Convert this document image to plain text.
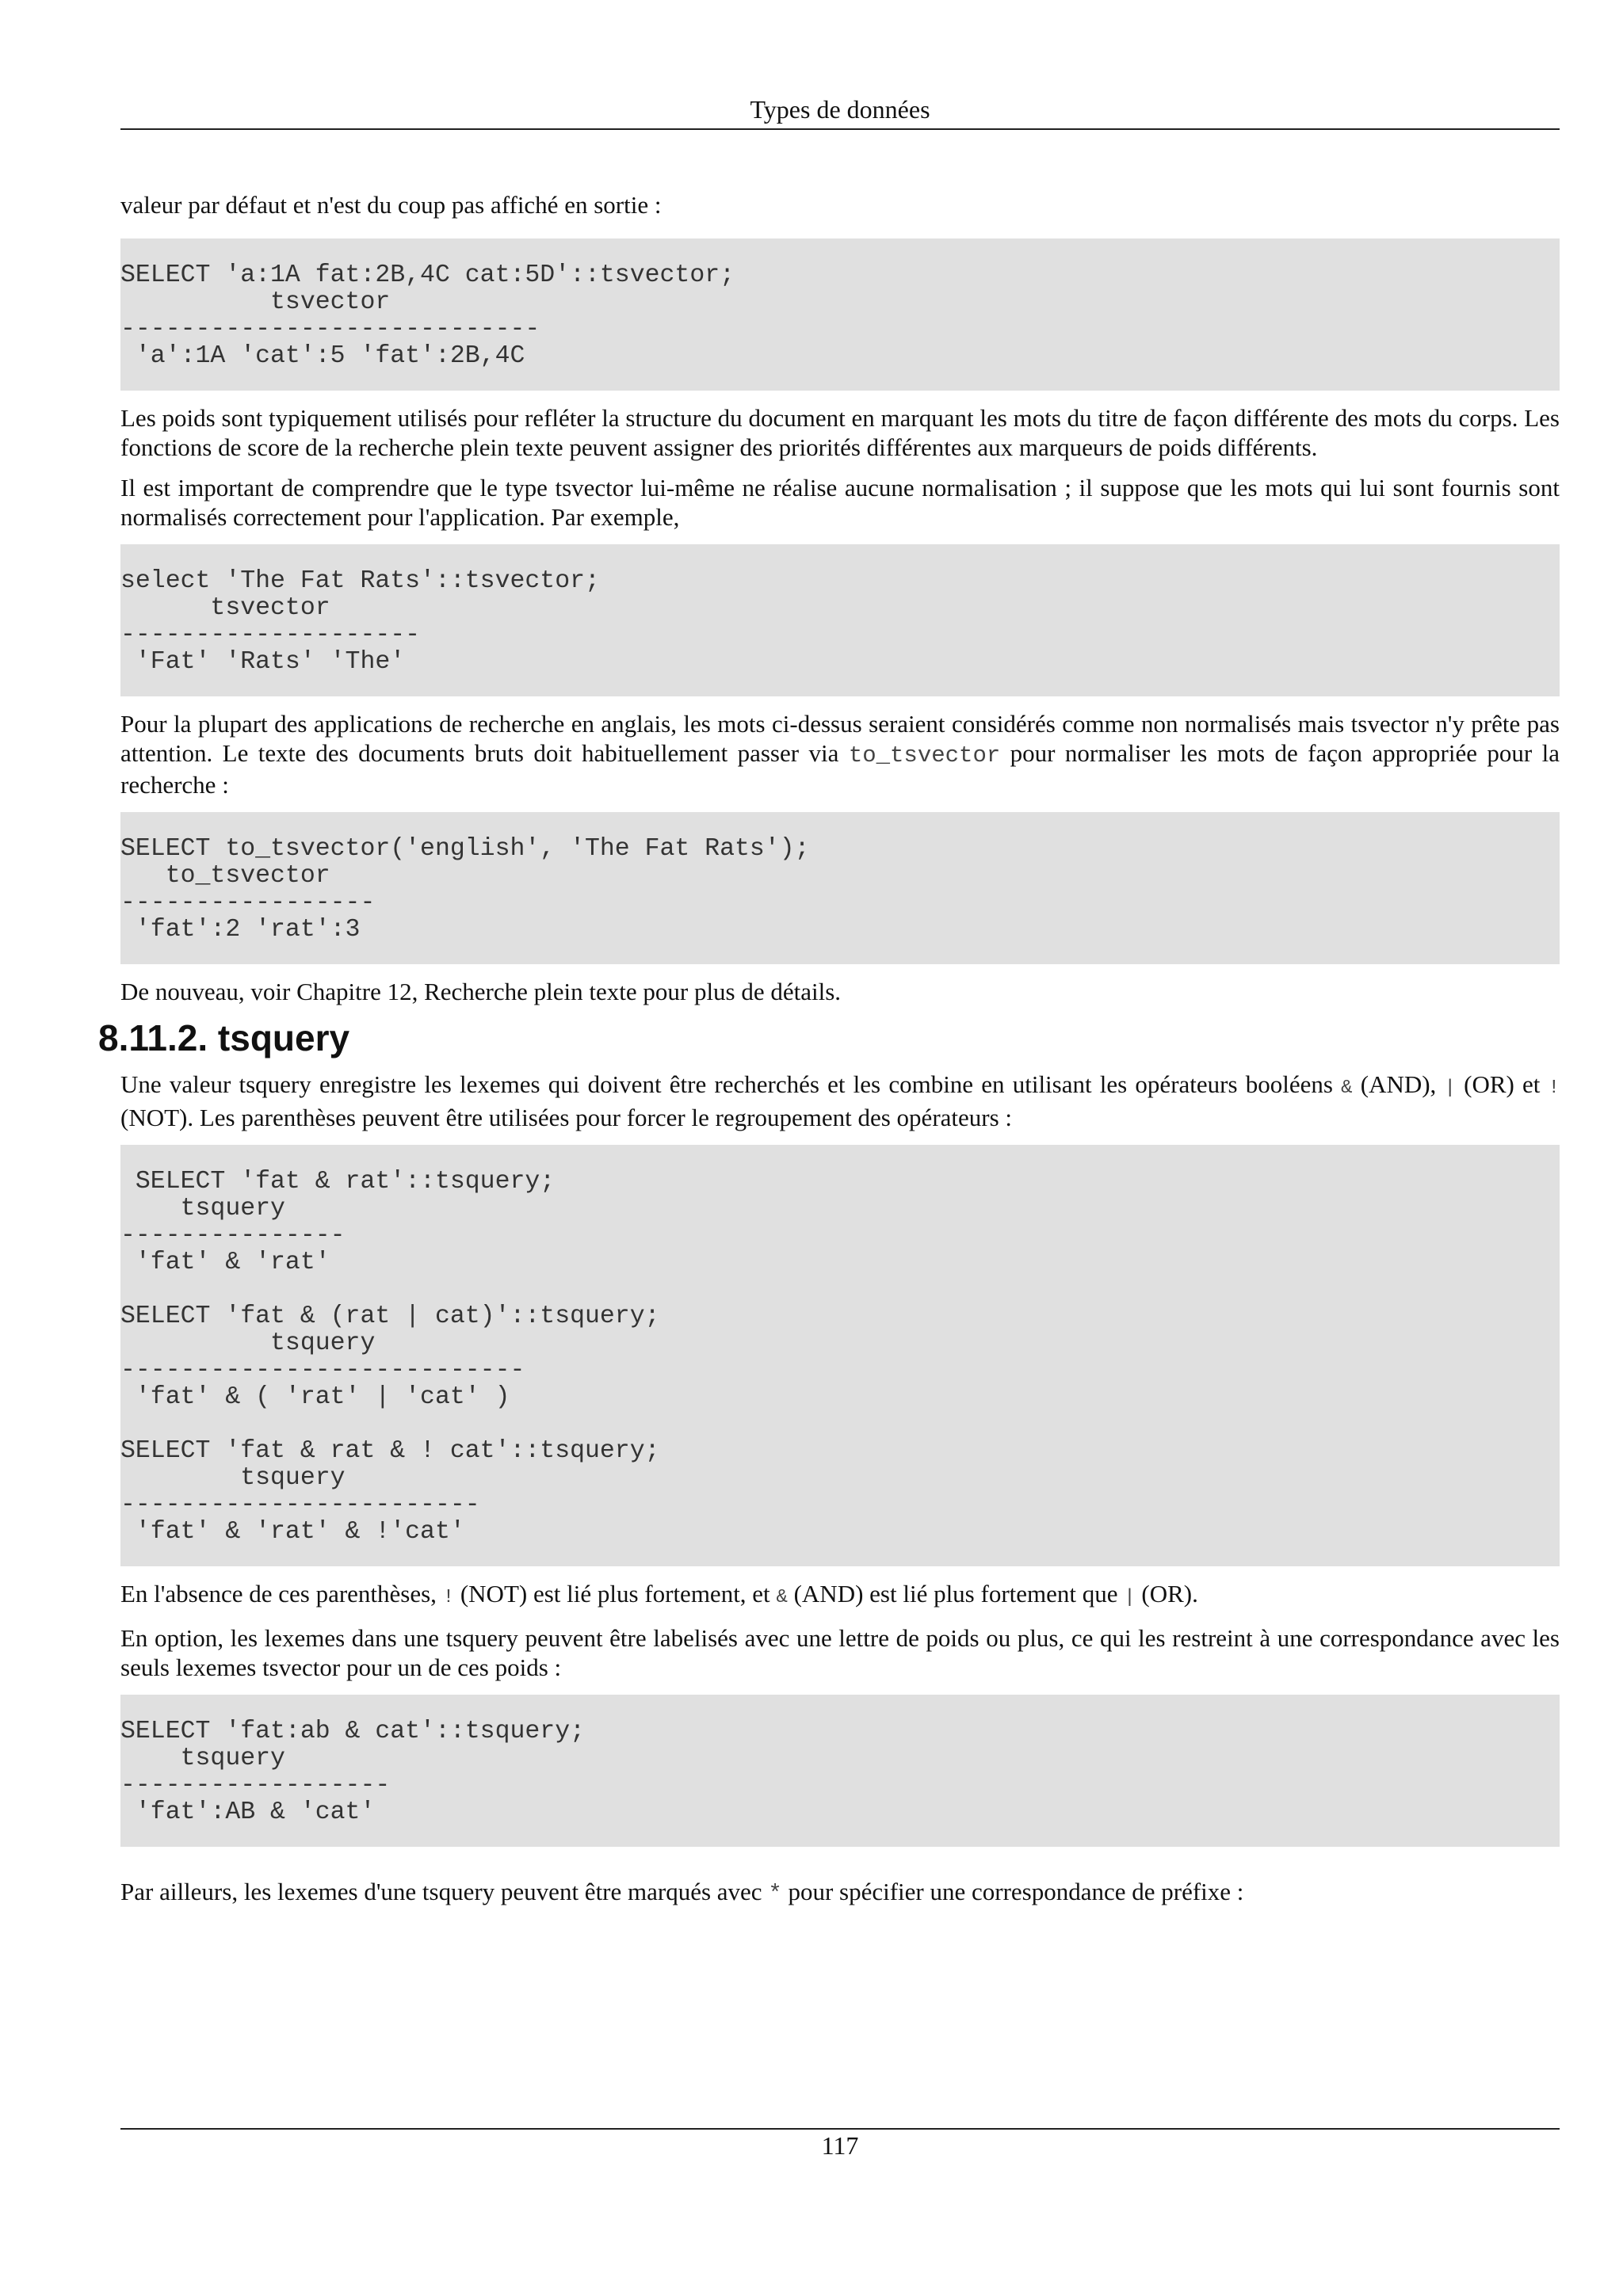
Types de données

valeur par défaut et n'est du coup pas affiché en sortie :

SELECT 'a:1A fat:2B,4C cat:5D'::tsvector;
tsvector
----------------------------
'a':1A 'cat':5 'fat':2B,4C

Les poids sont typiquement utilisés pour refléter la structure du document en marquant les mots du titre de façon différente des mots du corps. Les fonctions de score de la recherche plein texte peuvent assigner des priorités différentes aux marqueurs de poids différents.

Il est important de comprendre que le type tsvector lui-même ne réalise aucune normalisation ; il suppose que les mots qui lui sont fournis sont normalisés correctement pour l'application. Par exemple,

select 'The Fat Rats'::tsvector;
tsvector
--------------------
'Fat' 'Rats' 'The'

Pour la plupart des applications de recherche en anglais, les mots ci-dessus seraient considérés comme non normalisés mais tsvector n'y prête pas attention. Le texte des documents bruts doit habituellement passer via to_tsvector pour normaliser les mots de façon appropriée pour la recherche :

SELECT to_tsvector('english', 'The Fat Rats');
to_tsvector
-----------------
'fat':2 'rat':3

De nouveau, voir Chapitre 12, Recherche plein texte pour plus de détails.

8.11.2. tsquery

Une valeur tsquery enregistre les lexemes qui doivent être recherchés et les combine en utilisant les opérateurs booléens & (AND), | (OR) et ! (NOT). Les parenthèses peuvent être utilisées pour forcer le regroupement des opérateurs :

SELECT 'fat & rat'::tsquery;
tsquery
---------------
'fat' & 'rat'

SELECT 'fat & (rat | cat)'::tsquery;
tsquery
---------------------------
'fat' & ( 'rat' | 'cat' )

SELECT 'fat & rat & ! cat'::tsquery;
tsquery
------------------------
'fat' & 'rat' & !'cat'

En l'absence de ces parenthèses, ! (NOT) est lié plus fortement, et & (AND) est lié plus fortement que | (OR).

En option, les lexemes dans une tsquery peuvent être labelisés avec une lettre de poids ou plus, ce qui les restreint à une correspondance avec les seuls lexemes tsvector pour un de ces poids :

SELECT 'fat:ab & cat'::tsquery;
tsquery
------------------
'fat':AB & 'cat'

Par ailleurs, les lexemes d'une tsquery peuvent être marqués avec * pour spécifier une correspondance de préfixe :

117
